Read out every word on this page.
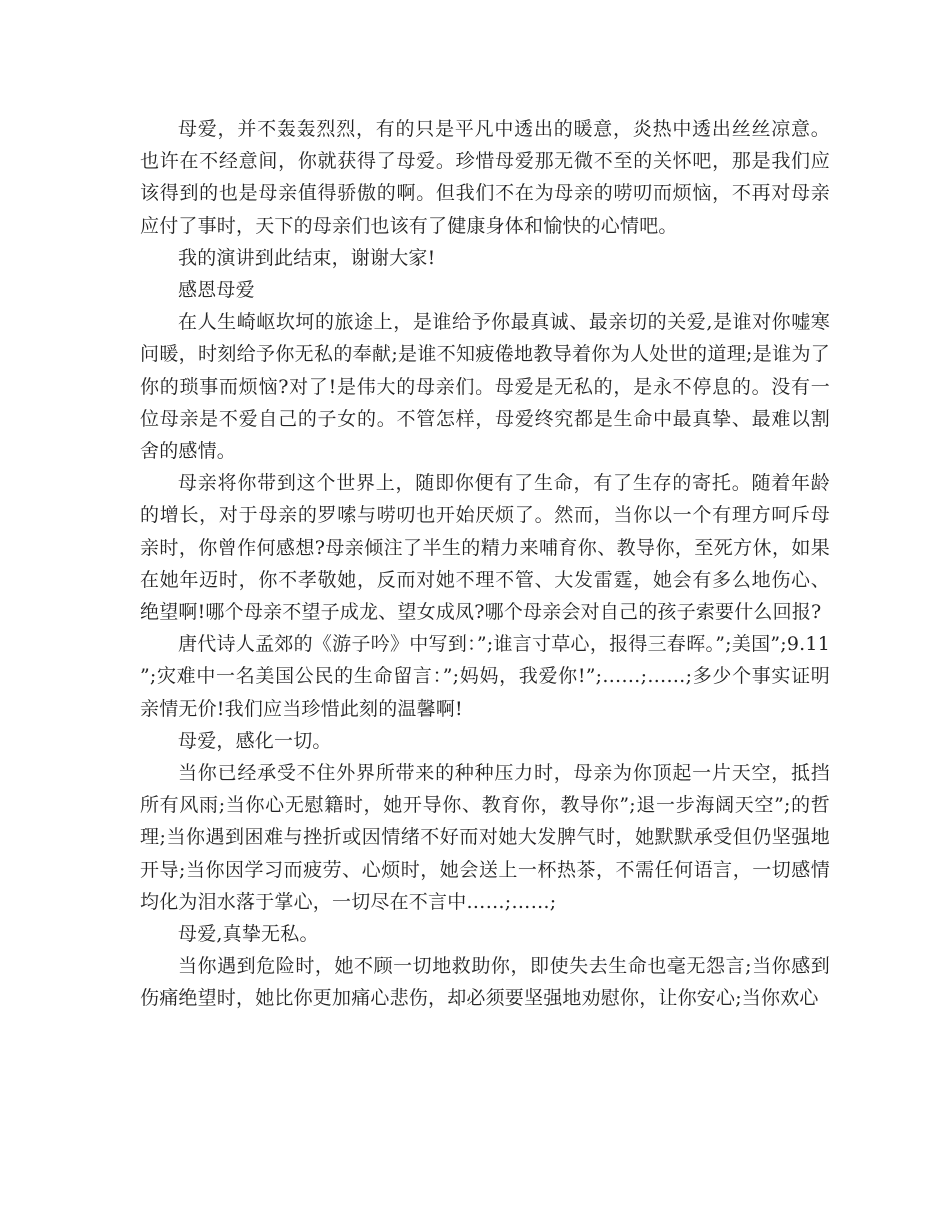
母爱，并不轰轰烈烈，有的只是平凡中透出的暖意，炎热中透出丝丝凉意。也许在不经意间，你就获得了母爱。珍惜母爱那无微不至的关怀吧，那是我们应该得到的也是母亲值得骄傲的啊。但我们不在为母亲的唠叨而烦恼，不再对母亲应付了事时，天下的母亲们也该有了健康身体和愉快的心情吧。

我的演讲到此结束，谢谢大家!

感恩母爱

在人生崎岖坎坷的旅途上，是谁给予你最真诚、最亲切的关爱,是谁对你嘘寒问暖，时刻给予你无私的奉献;是谁不知疲倦地教导着你为人处世的道理;是谁为了你的琐事而烦恼?对了!是伟大的母亲们。母爱是无私的，是永不停息的。没有一位母亲是不爱自己的子女的。不管怎样，母爱终究都是生命中最真挚、最难以割舍的感情。

母亲将你带到这个世界上，随即你便有了生命，有了生存的寄托。随着年龄的增长，对于母亲的罗嗦与唠叨也开始厌烦了。然而，当你以一个有理方呵斥母亲时，你曾作何感想?母亲倾注了半生的精力来哺育你、教导你，至死方休，如果在她年迈时，你不孝敬她，反而对她不理不管、大发雷霆，她会有多么地伤心、绝望啊!哪个母亲不望子成龙、望女成凤?哪个母亲会对自己的孩子索要什么回报?

唐代诗人孟郊的《游子吟》中写到：”;谁言寸草心，报得三春晖。”;美国”;9.11”;灾难中一名美国公民的生命留言：”;妈妈，我爱你!”;……;……;多少个事实证明亲情无价!我们应当珍惜此刻的温馨啊!

母爱，感化一切。

当你已经承受不住外界所带来的种种压力时，母亲为你顶起一片天空，抵挡所有风雨;当你心无慰籍时，她开导你、教育你，教导你”;退一步海阔天空”;的哲理;当你遇到困难与挫折或因情绪不好而对她大发脾气时，她默默承受但仍坚强地开导;当你因学习而疲劳、心烦时，她会送上一杯热茶，不需任何语言，一切感情均化为泪水落于掌心，一切尽在不言中……;……;

母爱,真挚无私。

当你遇到危险时，她不顾一切地救助你，即使失去生命也毫无怨言;当你感到伤痛绝望时，她比你更加痛心悲伤，却必须要坚强地劝慰你，让你安心;当你欢心
